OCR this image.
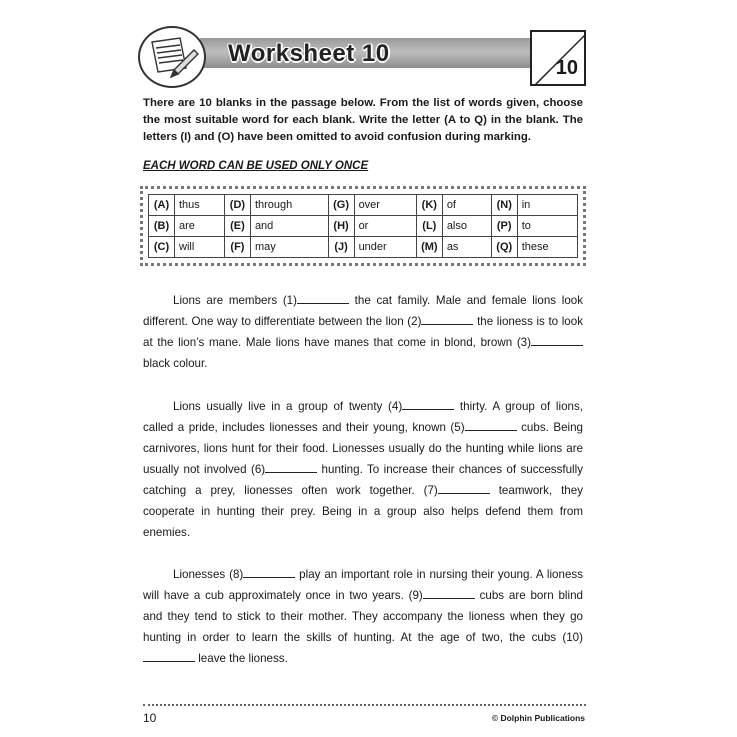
Worksheet 10
10
There are 10 blanks in the passage below. From the list of words given, choose the most suitable word for each blank. Write the letter (A to Q) in the blank. The letters (I) and (O) have been omitted to avoid confusion during marking.
EACH WORD CAN BE USED ONLY ONCE
(A)	thus	(D)	through	(G)	over	(K)	of	(N)	in
(B)	are	(E)	and	(H)	or	(L)	also	(P)	to
(C)	will	(F)	may	(J)	under	(M)	as	(Q)	these

Lions are members (1)	the cat family. Male and female lions look different. One way to differentiate between the lion (2)	the lioness is to look at the lion’s mane. Male lions have manes that come in blond, brown (3) black colour.

Lions usually live in a group of twenty (4)	thirty. A group of lions, called a pride, includes lionesses and their young, known (5)	cubs. Being carnivores, lions hunt for their food. Lionesses usually do the hunting while lions are usually not involved (6)	hunting. To increase their chances of successfully catching a prey, lionesses often work together. (7)	teamwork, they cooperate in hunting their prey. Being in a group also helps defend them from enemies.

Lionesses (8)	play an important role in nursing their young. A lioness will have a cub approximately once in two years. (9)	cubs are born blind and they tend to stick to their mother. They accompany the lioness when they go hunting in order to learn the skills of hunting. At the age of two, the cubs (10) leave the lioness.

10	© Dolphin Publications
